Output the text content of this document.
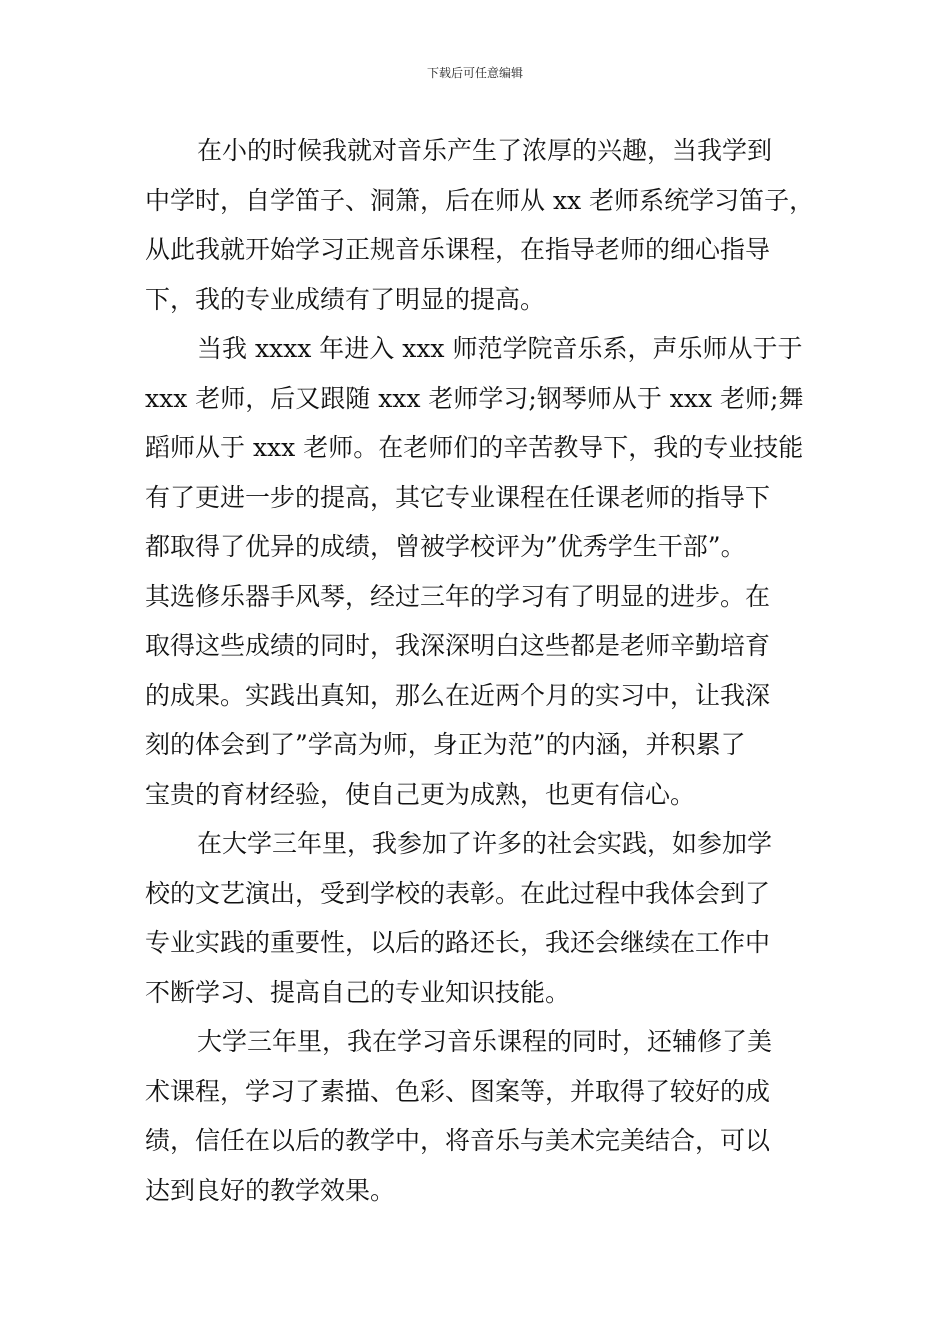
下载后可任意编辑
在小的时候我就对音乐产生了浓厚的兴趣，当我学到
中学时，自学笛子、洞箫，后在师从 xx 老师系统学习笛子，
从此我就开始学习正规音乐课程，在指导老师的细心指导
下，我的专业成绩有了明显的提高。
当我 xxxx 年进入 xxx 师范学院音乐系，声乐师从于于
xxx 老师，后又跟随 xxx 老师学习;钢琴师从于 xxx 老师;舞
蹈师从于 xxx 老师。在老师们的辛苦教导下，我的专业技能
有了更进一步的提高，其它专业课程在任课老师的指导下
都取得了优异的成绩，曾被学校评为”优秀学生干部”。
其选修乐器手风琴，经过三年的学习有了明显的进步。在
取得这些成绩的同时，我深深明白这些都是老师辛勤培育
的成果。实践出真知，那么在近两个月的实习中，让我深
刻的体会到了”学高为师，身正为范”的内涵，并积累了
宝贵的育材经验，使自己更为成熟，也更有信心。
在大学三年里，我参加了许多的社会实践，如参加学
校的文艺演出，受到学校的表彰。在此过程中我体会到了
专业实践的重要性，以后的路还长，我还会继续在工作中
不断学习、提高自己的专业知识技能。
大学三年里，我在学习音乐课程的同时，还辅修了美
术课程，学习了素描、色彩、图案等，并取得了较好的成
绩，信任在以后的教学中，将音乐与美术完美结合，可以
达到良好的教学效果。
